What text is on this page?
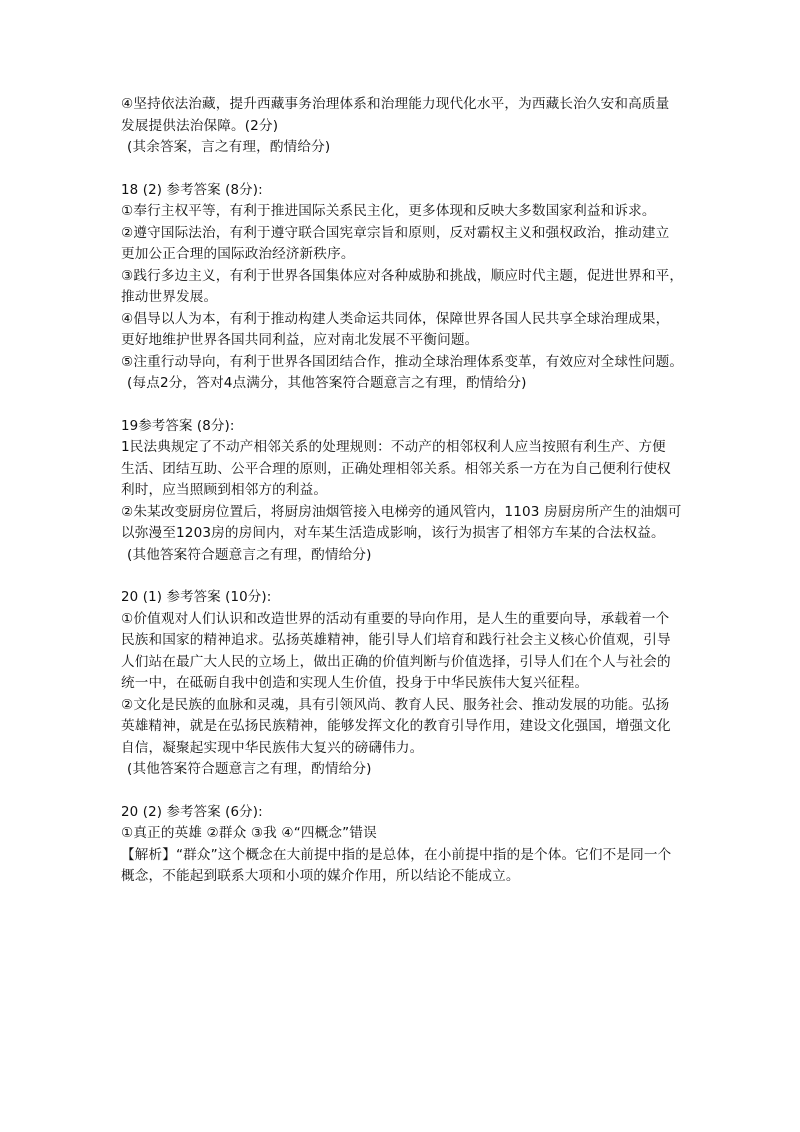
④坚持依法治藏，提升西藏事务治理体系和治理能力现代化水平，为西藏长治久安和高质量
发展提供法治保障。(2分)
(其余答案，言之有理，酌情给分)
18 (2) 参考答案 (8分):
①奉行主权平等，有利于推进国际关系民主化，更多体现和反映大多数国家利益和诉求。
②遵守国际法治，有利于遵守联合国宪章宗旨和原则，反对霸权主义和强权政治，推动建立
更加公正合理的国际政治经济新秩序。
③践行多边主义，有利于世界各国集体应对各种威胁和挑战，顺应时代主题，促进世界和平，
推动世界发展。
④倡导以人为本，有利于推动构建人类命运共同体，保障世界各国人民共享全球治理成果，
更好地维护世界各国共同利益，应对南北发展不平衡问题。
⑤注重行动导向，有利于世界各国团结合作，推动全球治理体系变革，有效应对全球性问题。
(每点2分，答对4点满分，其他答案符合题意言之有理，酌情给分)
19参考答案 (8分):
1民法典规定了不动产相邻关系的处理规则：不动产的相邻权利人应当按照有利生产、方便
生活、团结互助、公平合理的原则，正确处理相邻关系。相邻关系一方在为自己便利行使权
利时，应当照顾到相邻方的利益。
②朱某改变厨房位置后，将厨房油烟管接入电梯旁的通风管内，1103 房厨房所产生的油烟可
以弥漫至1203房的房间内，对车某生活造成影响，该行为损害了相邻方车某的合法权益。
(其他答案符合题意言之有理，酌情给分)
20 (1) 参考答案 (10分):
①价值观对人们认识和改造世界的活动有重要的导向作用，是人生的重要向导，承载着一个
民族和国家的精神追求。弘扬英雄精神，能引导人们培育和践行社会主义核心价值观，引导
人们站在最广大人民的立场上，做出正确的价值判断与价值选择，引导人们在个人与社会的
统一中，在砥砺自我中创造和实现人生价值，投身于中华民族伟大复兴征程。
②文化是民族的血脉和灵魂，具有引领风尚、教育人民、服务社会、推动发展的功能。弘扬
英雄精神，就是在弘扬民族精神，能够发挥文化的教育引导作用，建设文化强国，增强文化
自信，凝聚起实现中华民族伟大复兴的磅礴伟力。
(其他答案符合题意言之有理，酌情给分)
20 (2) 参考答案 (6分):
①真正的英雄 ②群众 ③我 ④“四概念”错误
【解析】“群众”这个概念在大前提中指的是总体，在小前提中指的是个体。它们不是同一个
概念，不能起到联系大项和小项的媒介作用，所以结论不能成立。
